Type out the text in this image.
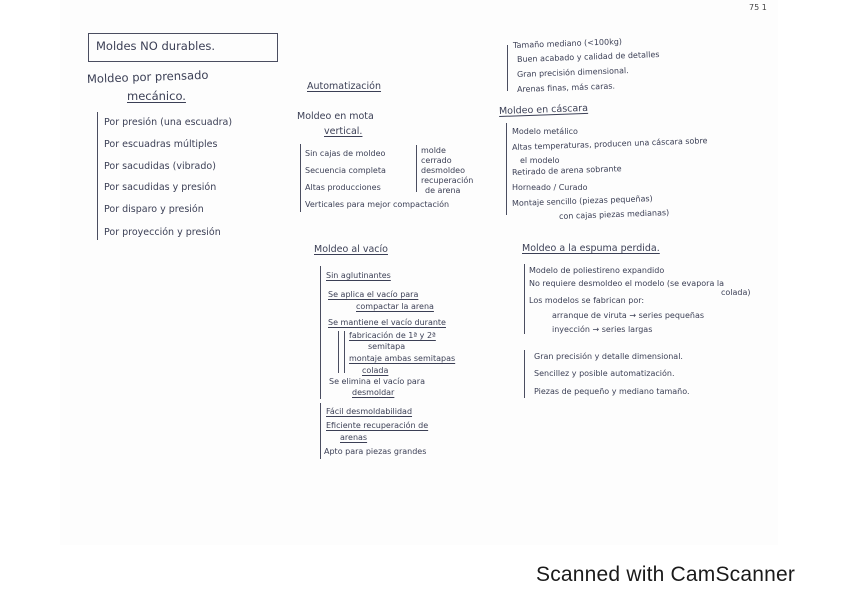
75 1
Moldes NO durables.
Moldeo por prensado
mecánico.
Por presión (una escuadra)
Por escuadras múltiples
Por sacudidas (vibrado)
Por sacudidas y presión
Por disparo y presión
Por proyección y presión
Automatización
Moldeo en mota
vertical.
Sin cajas de moldeo
Secuencia completa
Altas producciones
Verticales para mejor compactación
molde
cerrado
desmoldeo
recuperación
de arena
Moldeo al vacío
Sin aglutinantes
Se aplica el vacío para
compactar la arena
Se mantiene el vacío durante
fabricación de 1ª y 2ª
semitapa
montaje ambas semitapas
colada
Se elimina el vacío para
desmoldar
Fácil desmoldabilidad
Eficiente recuperación de
arenas
Apto para piezas grandes
Tamaño mediano (<100kg)
Buen acabado y calidad de detalles
Gran precisión dimensional.
Arenas finas, más caras.
Moldeo en cáscara
Modelo metálico
Altas temperaturas, producen una cáscara sobre
el modelo
Retirado de arena sobrante
Horneado / Curado
Montaje sencillo (piezas pequeñas)
con cajas piezas medianas)
Moldeo a la espuma perdida.
Modelo de poliestireno expandido
No requiere desmoldeo el modelo (se evapora la
colada)
Los modelos se fabrican por:
arranque de viruta → series pequeñas
inyección → series largas
Gran precisión y detalle dimensional.
Sencillez y posible automatización.
Piezas de pequeño y mediano tamaño.
Scanned with CamScanner
